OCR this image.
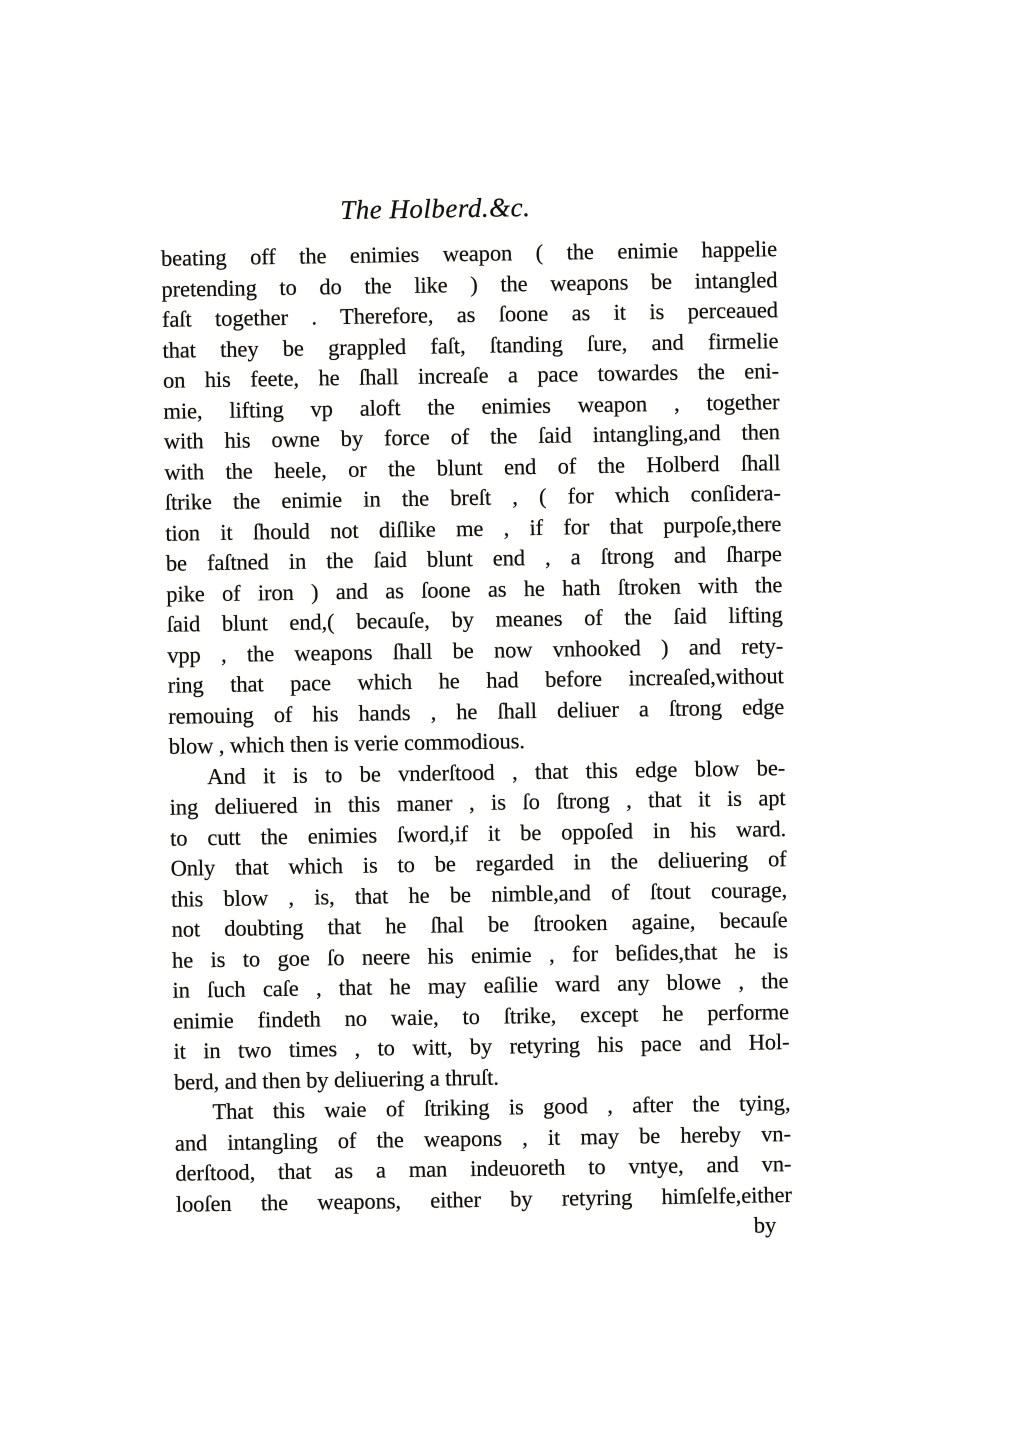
The Holberd.&c.

beating off the enimies weapon ( the enimie happelie
pretending to do the like ) the weapons be intangled
faſt together . Therefore, as ſoone as it is perceaued
that they be grappled faſt, ſtanding ſure, and firmelie
on his feete, he ſhall increaſe a pace towardes the eni-
mie, lifting vp aloft the enimies weapon , together
with his owne by force of the ſaid intangling,and then
with the heele, or the blunt end of the Holberd ſhall
ſtrike the enimie in the breſt , ( for which conſidera-
tion it ſhould not diſlike me , if for that purpoſe,there
be faſtned in the ſaid blunt end , a ſtrong and ſharpe
pike of iron ) and as ſoone as he hath ſtroken with the
ſaid blunt end,( becauſe, by meanes of the ſaid lifting
vpp , the weapons ſhall be now vnhooked ) and rety-
ring that pace which he had before increaſed,without
remouing of his hands , he ſhall deliuer a ſtrong edge
blow , which then is verie commodious.

And it is to be vnderſtood , that this edge blow be-
ing deliuered in this maner , is ſo ſtrong , that it is apt
to cutt the enimies ſword,if it be oppoſed in his ward.
Only that which is to be regarded in the deliuering of
this blow , is, that he be nimble,and of ſtout courage,
not doubting that he ſhal be ſtrooken againe, becauſe
he is to goe ſo neere his enimie , for beſides,that he is
in ſuch caſe , that he may eaſilie ward any blowe , the
enimie findeth no waie, to ſtrike, except he performe
it in two times , to witt, by retyring his pace and Hol-
berd, and then by deliuering a thruſt.

That this waie of ſtriking is good , after the tying,
and intangling of the weapons , it may be hereby vn-
derſtood, that as a man indeuoreth to vntye, and vn-
looſen the weapons, either by retyring himſelfe,either

by
